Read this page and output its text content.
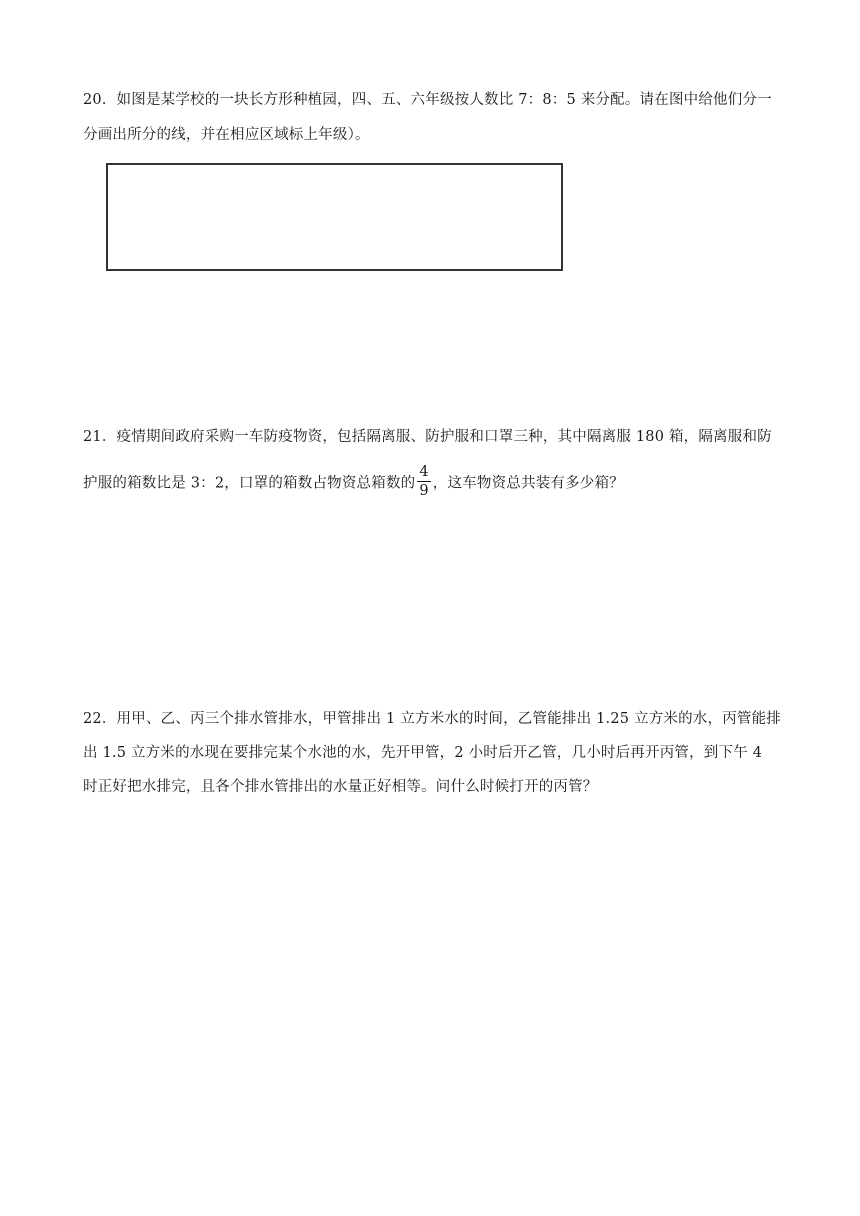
20．如图是某学校的一块长方形种植园，四、五、六年级按人数比 7：8：5 来分配。请在图中给他们分一
分画出所分的线，并在相应区域标上年级）。
21．疫情期间政府采购一车防疫物资，包括隔离服、防护服和口罩三种，其中隔离服 180 箱，隔离服和防
护服的箱数比是 3：2，口罩的箱数占物资总箱数的 $\frac{4}{9}$ ，这车物资总共装有多少箱？
22．用甲、乙、丙三个排水管排水，甲管排出 1 立方米水的时间，乙管能排出 1.25 立方米的水，丙管能排
出 1.5 立方米的水现在要排完某个水池的水，先开甲管，2 小时后开乙管，几小时后再开丙管，到下午 4
时正好把水排完，且各个排水管排出的水量正好相等。问什么时候打开的丙管？
